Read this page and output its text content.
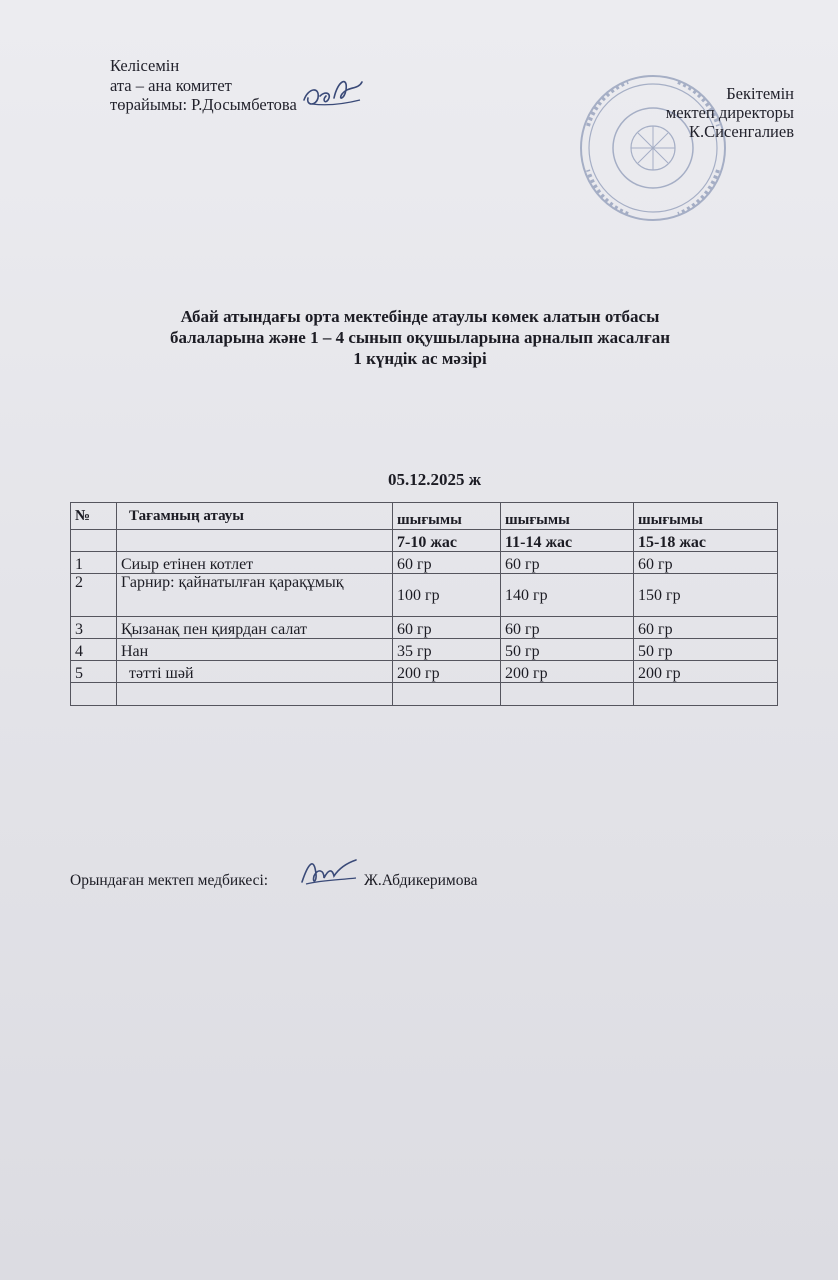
Келісемін
ата – ана комитет
төрайымы: Р.Досымбетова
Бекітемін
мектеп директоры
К.Сисенгалиев
Абай атындағы орта мектебінде атаулы көмек алатын отбасы
балаларына және 1 – 4 сынып оқушыларына арналып жасалған
1 күндік ас мәзірі
05.12.2025 ж
№	Тағамның атауы	шығымы	шығымы	шығымы
		7-10 жас	11-14 жас	15-18 жас
1	Сиыр етінен котлет	60 гр	60 гр	60 гр
2	Гарнир: қайнатылған қарақұмық	100 гр	140 гр	150 гр
3	Қызанақ пен қиярдан салат	60 гр	60 гр	60 гр
4	Нан	35 гр	50 гр	50 гр
5	тәтті шәй	200 гр	200 гр	200 гр

Орындаған мектеп медбикесі:	Ж.Абдикеримова
